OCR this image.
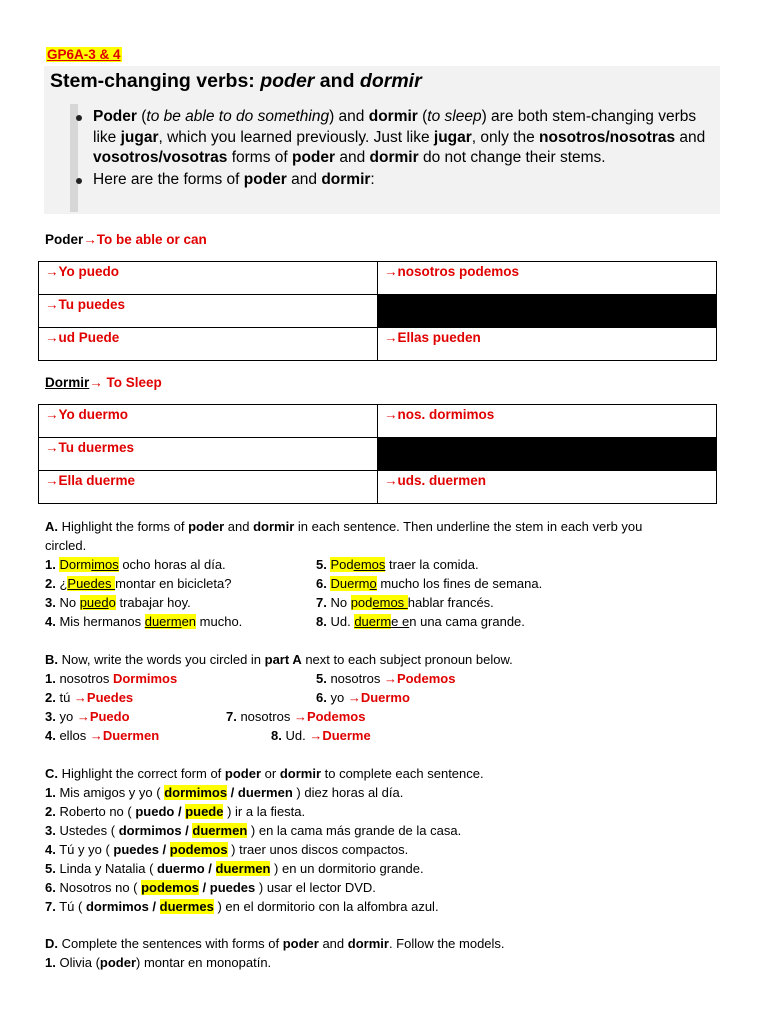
GP6A-3 & 4
Stem-changing verbs: poder and dormir
Poder (to be able to do something) and dormir (to sleep) are both stem-changing verbs like jugar, which you learned previously. Just like jugar, only the nosotros/nosotras and vosotros/vosotras forms of poder and dormir do not change their stems.
Here are the forms of poder and dormir:
Poder→To be able or can
→Yo puedo	→nosotros podemos
→Tu puedes	
→ud Puede	→Ellas pueden
Dormir→ To Sleep
→Yo duermo	→nos. dormimos
→Tu duermes	
→Ella duerme	→uds. duermen
A. Highlight the forms of poder and dormir in each sentence. Then underline the stem in each verb you
circled.
1. Dormimos ocho horas al día.
2. ¿Puedes montar en bicicleta?
3. No puedo trabajar hoy.
4. Mis hermanos duermen mucho.
5. Podemos traer la comida.
6. Duermo mucho los fines de semana.
7. No podemos hablar francés.
8. Ud. duerme en una cama grande.
B. Now, write the words you circled in part A next to each subject pronoun below.
1. nosotros Dormimos
2. tú →Puedes
3. yo →Puedo
4. ellos →Duermen
5. nosotros →Podemos
6. yo →Duermo
7. nosotros →Podemos
8. Ud. →Duerme
C. Highlight the correct form of poder or dormir to complete each sentence.
1. Mis amigos y yo ( dormimos / duermen ) diez horas al día.
2. Roberto no ( puedo / puede ) ir a la fiesta.
3. Ustedes ( dormimos / duermen ) en la cama más grande de la casa.
4. Tú y yo ( puedes / podemos ) traer unos discos compactos.
5. Linda y Natalia ( duermo / duermen ) en un dormitorio grande.
6. Nosotros no ( podemos / puedes ) usar el lector DVD.
7. Tú ( dormimos / duermes ) en el dormitorio con la alfombra azul.
D. Complete the sentences with forms of poder and dormir. Follow the models.
1. Olivia (poder) montar en monopatín.
